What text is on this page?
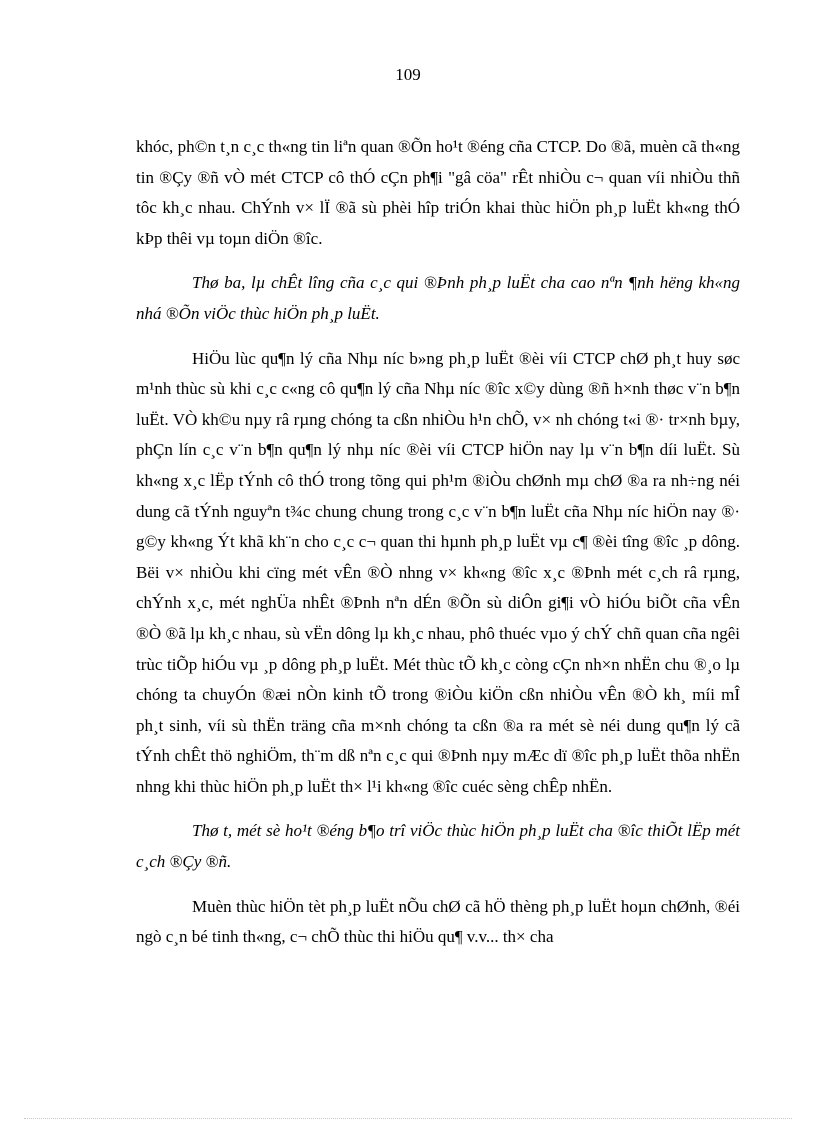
109

khóc, ph©n t¸n c¸c th«ng tin liªn quan ®Õn ho¹t ®éng cña CTCP. Do ®ã, muèn cã th«ng tin ®Çy ®ñ vÒ mét CTCP cô thÓ cÇn ph¶i "gâ cöa" rÊt nhiÒu c¬ quan víi nhiÒu thñ tôc kh¸c nhau. ChÝnh v× lÏ ®ã sù phèi hîp triÓn khai thùc hiÖn ph¸p luËt kh«ng thÓ kÞp thêi vµ toµn diÖn ®îc.

Thø ba, lµ chÊt lîng cña c¸c qui ®Þnh ph¸p luËt cha cao nªn ¶nh hëng kh«ng nhá ®Õn viÖc thùc hiÖn ph¸p luËt.

HiÖu lùc qu¶n lý cña Nhµ níc b»ng ph¸p luËt ®èi víi CTCP chØ ph¸t huy søc m¹nh thùc sù khi c¸c c«ng cô qu¶n lý cña Nhµ níc ®îc x©y dùng ®ñ h×nh thøc v¨n b¶n luËt. VÒ kh©u nµy râ rµng chóng ta cßn nhiÒu h¹n chÕ, v× nh chóng t«i ®· tr×nh bµy, phÇn lín c¸c v¨n b¶n qu¶n lý nhµ níc ®èi víi CTCP hiÖn nay lµ v¨n b¶n díi luËt. Sù kh«ng x¸c lËp tÝnh cô thÓ trong tõng qui ph¹m ®iÒu chØnh mµ chØ ®a ra nh÷ng néi dung cã tÝnh nguyªn t¾c chung chung trong c¸c v¨n b¶n luËt cña Nhµ níc hiÖn nay ®· g©y kh«ng Ýt khã kh¨n cho c¸c c¬ quan thi hµnh ph¸p luËt vµ c¶ ®èi tîng ®îc ¸p dông. Bëi v× nhiÒu khi cïng mét vÊn ®Ò nhng v× kh«ng ®îc x¸c ®Þnh mét c¸ch râ rµng, chÝnh x¸c, mét nghÜa nhÊt ®Þnh nªn dÉn ®Õn sù diÔn gi¶i vÒ hiÓu biÕt cña vÊn ®Ò ®ã lµ kh¸c nhau, sù vËn dông lµ kh¸c nhau, phô thuéc vµo ý chÝ chñ quan cña ngêi trùc tiÕp hiÓu vµ ¸p dông ph¸p luËt. Mét thùc tÕ kh¸c còng cÇn nh×n nhËn chu ®¸o lµ chóng ta chuyÓn ®æi nÒn kinh tÕ trong ®iÒu kiÖn cßn nhiÒu vÊn ®Ò kh¸ míi mÎ ph¸t sinh, víi sù thËn träng cña m×nh chóng ta cßn ®a ra mét sè néi dung qu¶n lý cã tÝnh chÊt thö nghiÖm, th¨m dß nªn c¸c qui ®Þnh nµy mÆc dï ®îc ph¸p luËt thõa nhËn nhng khi thùc hiÖn ph¸p luËt th× l¹i kh«ng ®îc cuéc sèng chÊp nhËn.

Thø t, mét sè ho¹t ®éng b¶o trî viÖc thùc hiÖn ph¸p luËt cha ®îc thiÕt lËp mét c¸ch ®Çy ®ñ.

Muèn thùc hiÖn tèt ph¸p luËt nÕu chØ cã hÖ thèng ph¸p luËt hoµn chØnh, ®éi ngò c¸n bé tinh th«ng, c¬ chÕ thùc thi hiÖu qu¶ v.v... th× cha
